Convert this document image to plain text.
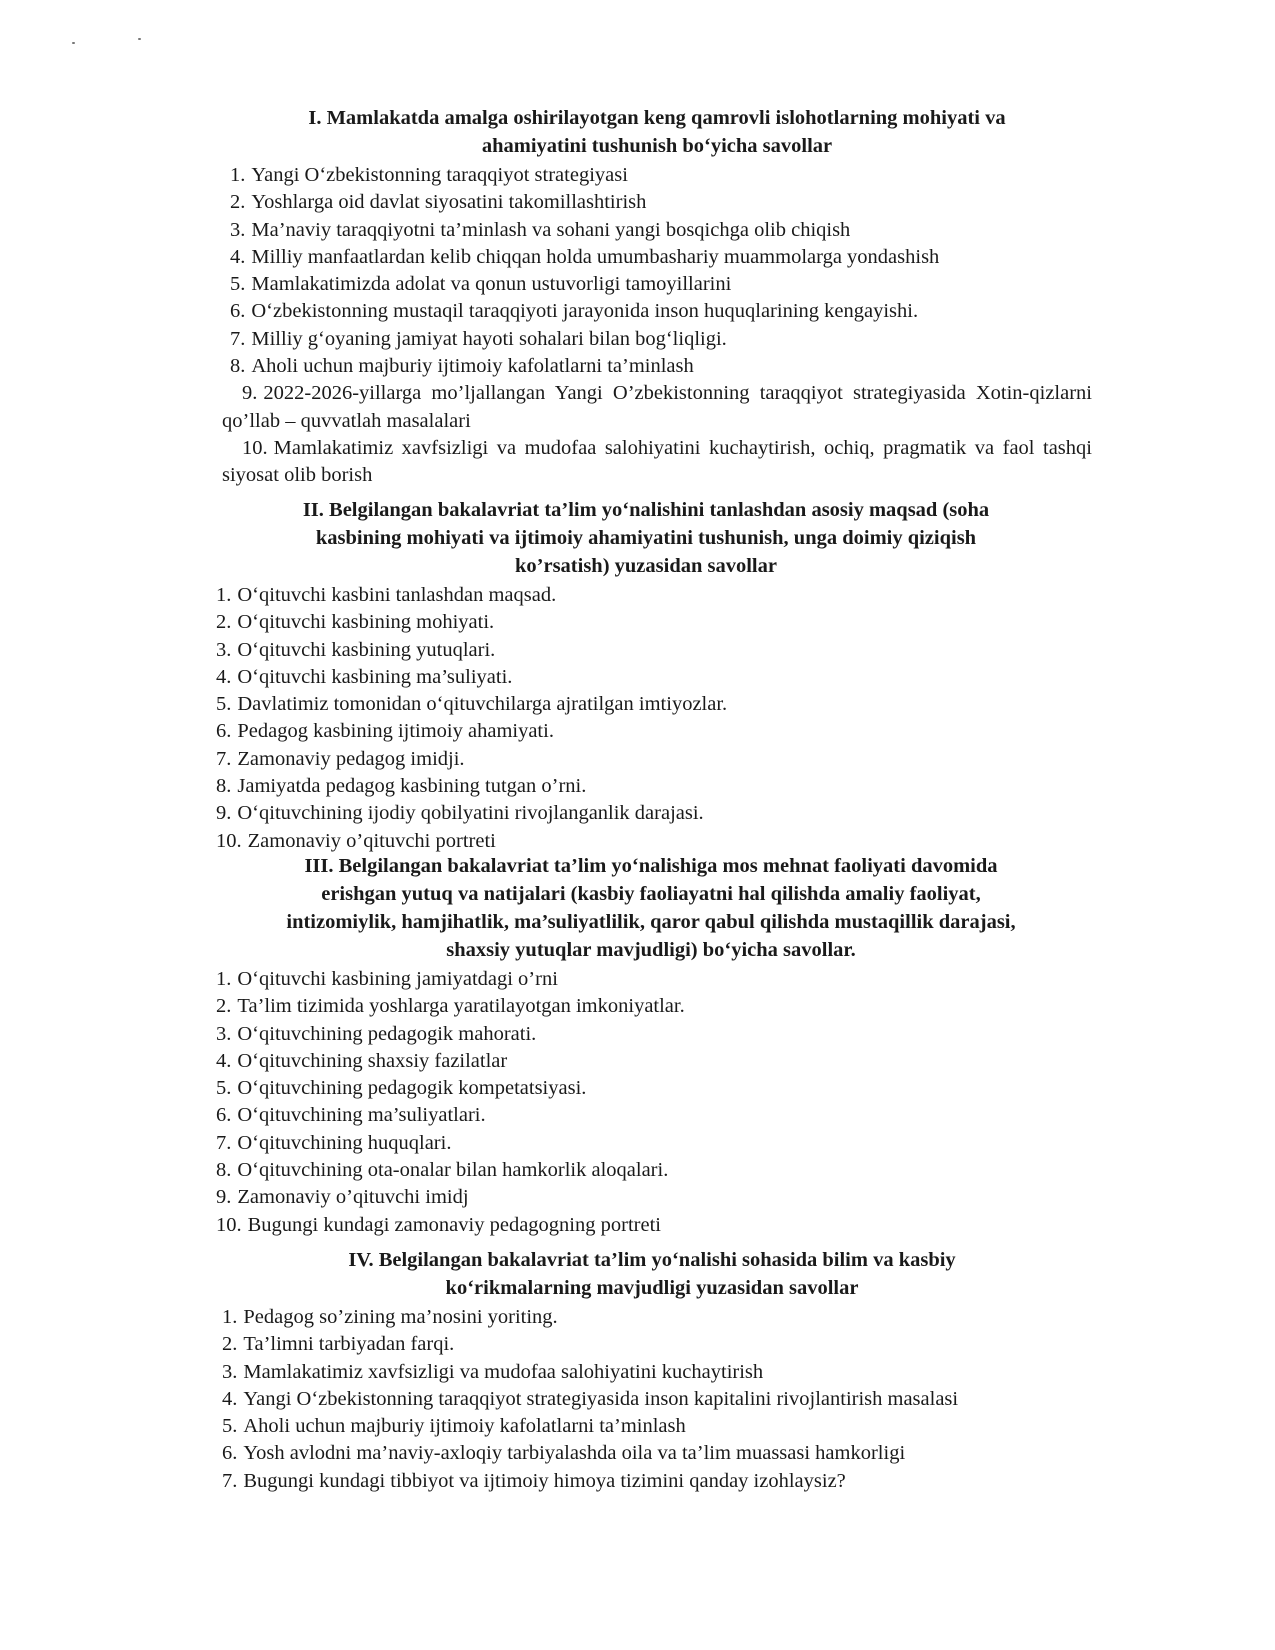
I. Mamlakatda amalga oshirilayotgan keng qamrovli islohotlarning mohiyati va
ahamiyatini tushunish bo‘yicha savollar
1. Yangi O‘zbekistonning taraqqiyot strategiyasi
2. Yoshlarga oid davlat siyosatini takomillashtirish
3. Ma’naviy taraqqiyotni ta’minlash va sohani yangi bosqichga olib chiqish
4. Milliy manfaatlardan kelib chiqqan holda umumbashariy muammolarga yondashish
5. Mamlakatimizda adolat va qonun ustuvorligi tamoyillarini
6. O‘zbekistonning mustaqil taraqqiyoti jarayonida inson huquqlarining kengayishi.
7. Milliy g‘oyaning jamiyat hayoti sohalari bilan bog‘liqligi.
8. Aholi uchun majburiy ijtimoiy kafolatlarni ta’minlash
9. 2022-2026-yillarga mo’ljallangan Yangi O’zbekistonning taraqqiyot strategiyasida Xotin-qizlarni qo’llab – quvvatlah masalalari
10. Mamlakatimiz xavfsizligi va mudofaa salohiyatini kuchaytirish, ochiq, pragmatik va faol tashqi siyosat olib borish
II. Belgilangan bakalavriat ta’lim yo‘nalishini tanlashdan asosiy maqsad (soha
kasbining mohiyati va ijtimoiy ahamiyatini tushunish, unga doimiy qiziqish
ko’rsatish) yuzasidan savollar
1. O‘qituvchi kasbini tanlashdan maqsad.
2. O‘qituvchi kasbining mohiyati.
3. O‘qituvchi kasbining yutuqlari.
4. O‘qituvchi kasbining ma’suliyati.
5. Davlatimiz tomonidan o‘qituvchilarga ajratilgan imtiyozlar.
6. Pedagog kasbining ijtimoiy ahamiyati.
7. Zamonaviy pedagog imidji.
8. Jamiyatda pedagog kasbining tutgan o’rni.
9. O‘qituvchining ijodiy qobilyatini rivojlanganlik darajasi.
10. Zamonaviy o’qituvchi portreti
III. Belgilangan bakalavriat ta’lim yo‘nalishiga mos mehnat faoliyati davomida
erishgan yutuq va natijalari (kasbiy faoliayatni hal qilishda amaliy faoliyat,
intizomiylik, hamjihatlik, ma’suliyatlilik, qaror qabul qilishda mustaqillik darajasi,
shaxsiy yutuqlar mavjudligi) bo‘yicha savollar.
1. O‘qituvchi kasbining jamiyatdagi o’rni
2. Ta’lim tizimida yoshlarga yaratilayotgan imkoniyatlar.
3. O‘qituvchining pedagogik mahorati.
4. O‘qituvchining shaxsiy fazilatlar
5. O‘qituvchining pedagogik kompetatsiyasi.
6. O‘qituvchining ma’suliyatlari.
7. O‘qituvchining huquqlari.
8. O‘qituvchining ota-onalar bilan hamkorlik aloqalari.
9. Zamonaviy o’qituvchi imidj
10. Bugungi kundagi zamonaviy pedagogning portreti
IV. Belgilangan bakalavriat ta’lim yo‘nalishi sohasida bilim va kasbiy
ko‘rikmalarning mavjudligi yuzasidan savollar
1. Pedagog so’zining ma’nosini yoriting.
2. Ta’limni tarbiyadan farqi.
3. Mamlakatimiz xavfsizligi va mudofaa salohiyatini kuchaytirish
4. Yangi O‘zbekistonning taraqqiyot strategiyasida inson kapitalini rivojlantirish masalasi
5. Aholi uchun majburiy ijtimoiy kafolatlarni ta’minlash
6. Yosh avlodni ma’naviy-axloqiy tarbiyalashda oila va ta’lim muassasi hamkorligi
7. Bugungi kundagi tibbiyot va ijtimoiy himoya tizimini qanday izohlaysiz?
